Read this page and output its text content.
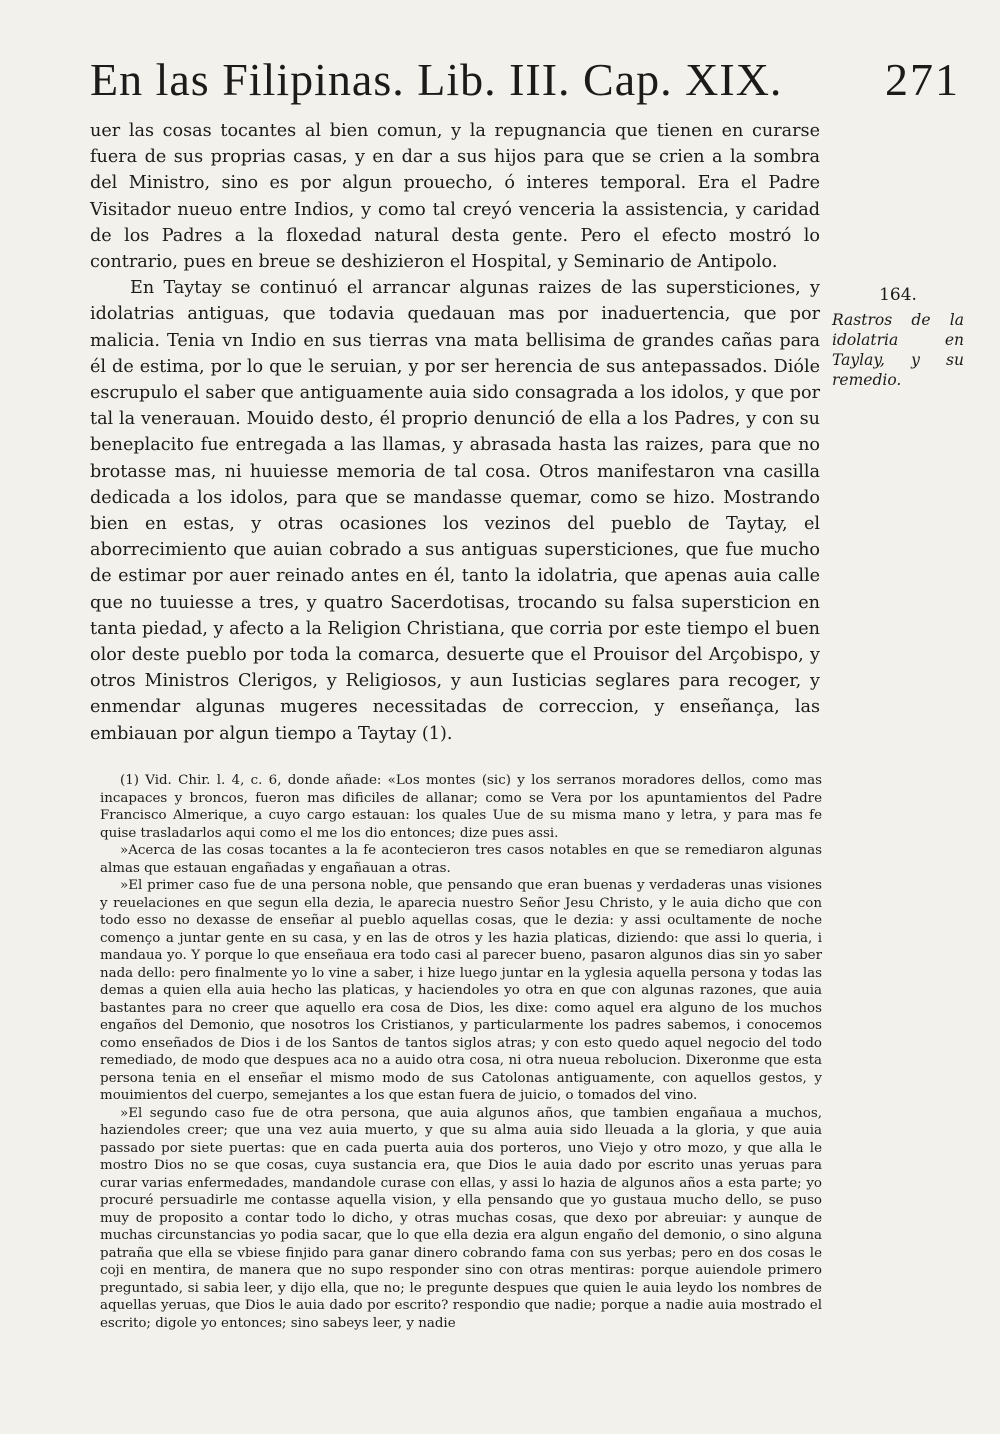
En las Filipinas. Lib. III. Cap. XIX. 271

uer las cosas tocantes al bien comun, y la repugnancia que tienen en curarse fuera de sus proprias casas, y en dar a sus hijos para que se crien a la sombra del Ministro, sino es por algun prouecho, ó interes temporal. Era el Padre Visitador nueuo entre Indios, y como tal creyó venceria la assistencia, y caridad de los Padres a la floxedad natural desta gente. Pero el efecto mostró lo contrario, pues en breue se deshizieron el Hospital, y Seminario de Antipolo.

En Taytay se continuó el arrancar algunas raizes de las supersticiones, y idolatrias antiguas, que todavia quedauan mas por inaduertencia, que por malicia. Tenia vn Indio en sus tierras vna mata bellisima de grandes cañas para él de estima, por lo que le seruian, y por ser herencia de sus antepassados. Dióle escrupulo el saber que antiguamente auia sido consagrada a los idolos, y que por tal la venerauan. Mouido desto, él proprio denunció de ella a los Padres, y con su beneplacito fue entregada a las llamas, y abrasada hasta las raizes, para que no brotasse mas, ni huuiesse memoria de tal cosa. Otros manifestaron vna casilla dedicada a los idolos, para que se mandasse quemar, como se hizo. Mostrando bien en estas, y otras ocasiones los vezinos del pueblo de Taytay, el aborrecimiento que auian cobrado a sus antiguas supersticiones, que fue mucho de estimar por auer reinado antes en él, tanto la idolatria, que apenas auia calle que no tuuiesse a tres, y quatro Sacerdotisas, trocando su falsa supersticion en tanta piedad, y afecto a la Religion Christiana, que corria por este tiempo el buen olor deste pueblo por toda la comarca, desuerte que el Prouisor del Arçobispo, y otros Ministros Clerigos, y Religiosos, y aun Iusticias seglares para recoger, y enmendar algunas mugeres necessitadas de correccion, y enseñança, las embiauan por algun tiempo a Taytay (1).

164.
Rastros de la idolatria en Taylay, y su remedio.

(1) Vid. Chir. l. 4, c. 6, donde añade: «Los montes (sic) y los serranos moradores dellos, como mas incapaces y broncos, fueron mas dificiles de allanar; como se Vera por los apuntamientos del Padre Francisco Almerique, a cuyo cargo estauan: los quales Uue de su misma mano y letra, y para mas fe quise trasladarlos aqui como el me los dio entonces; dize pues assi.

»Acerca de las cosas tocantes a la fe acontecieron tres casos notables en que se remediaron algunas almas que estauan engañadas y engañauan a otras.

»El primer caso fue de una persona noble, que pensando que eran buenas y verdaderas unas visiones y reuelaciones en que segun ella dezia, le aparecia nuestro Señor Jesu Christo, y le auia dicho que con todo esso no dexasse de enseñar al pueblo aquellas cosas, que le dezia: y assi ocultamente de noche començo a juntar gente en su casa, y en las de otros y les hazia platicas, diziendo: que assi lo queria, i mandaua yo. Y porque lo que enseñaua era todo casi al parecer bueno, pasaron algunos dias sin yo saber nada dello: pero finalmente yo lo vine a saber, i hize luego juntar en la yglesia aquella persona y todas las demas a quien ella auia hecho las platicas, y haciendoles yo otra en que con algunas razones, que auia bastantes para no creer que aquello era cosa de Dios, les dixe: como aquel era alguno de los muchos engaños del Demonio, que nosotros los Cristianos, y particularmente los padres sabemos, i conocemos como enseñados de Dios i de los Santos de tantos siglos atras; y con esto quedo aquel negocio del todo remediado, de modo que despues aca no a auido otra cosa, ni otra nueua rebolucion. Dixeronme que esta persona tenia en el enseñar el mismo modo de sus Catolonas antiguamente, con aquellos gestos, y mouimientos del cuerpo, semejantes a los que estan fuera de juicio, o tomados del vino.

»El segundo caso fue de otra persona, que auia algunos años, que tambien engañaua a muchos, haziendoles creer; que una vez auia muerto, y que su alma auia sido lleuada a la gloria, y que auia passado por siete puertas: que en cada puerta auia dos porteros, uno Viejo y otro mozo, y que alla le mostro Dios no se que cosas, cuya sustancia era, que Dios le auia dado por escrito unas yeruas para curar varias enfermedades, mandandole curase con ellas, y assi lo hazia de algunos años a esta parte; yo procuré persuadirle me contasse aquella vision, y ella pensando que yo gustaua mucho dello, se puso muy de proposito a contar todo lo dicho, y otras muchas cosas, que dexo por abreuiar: y aunque de muchas circunstancias yo podia sacar, que lo que ella dezia era algun engaño del demonio, o sino alguna patraña que ella se vbiese finjido para ganar dinero cobrando fama con sus yerbas; pero en dos cosas le coji en mentira, de manera que no supo responder sino con otras mentiras: porque auiendole primero preguntado, si sabia leer, y dijo ella, que no; le pregunte despues que quien le auia leydo los nombres de aquellas yeruas, que Dios le auia dado por escrito? respondio que nadie; porque a nadie auia mostrado el escrito; digole yo entonces; sino sabeys leer, y nadie
